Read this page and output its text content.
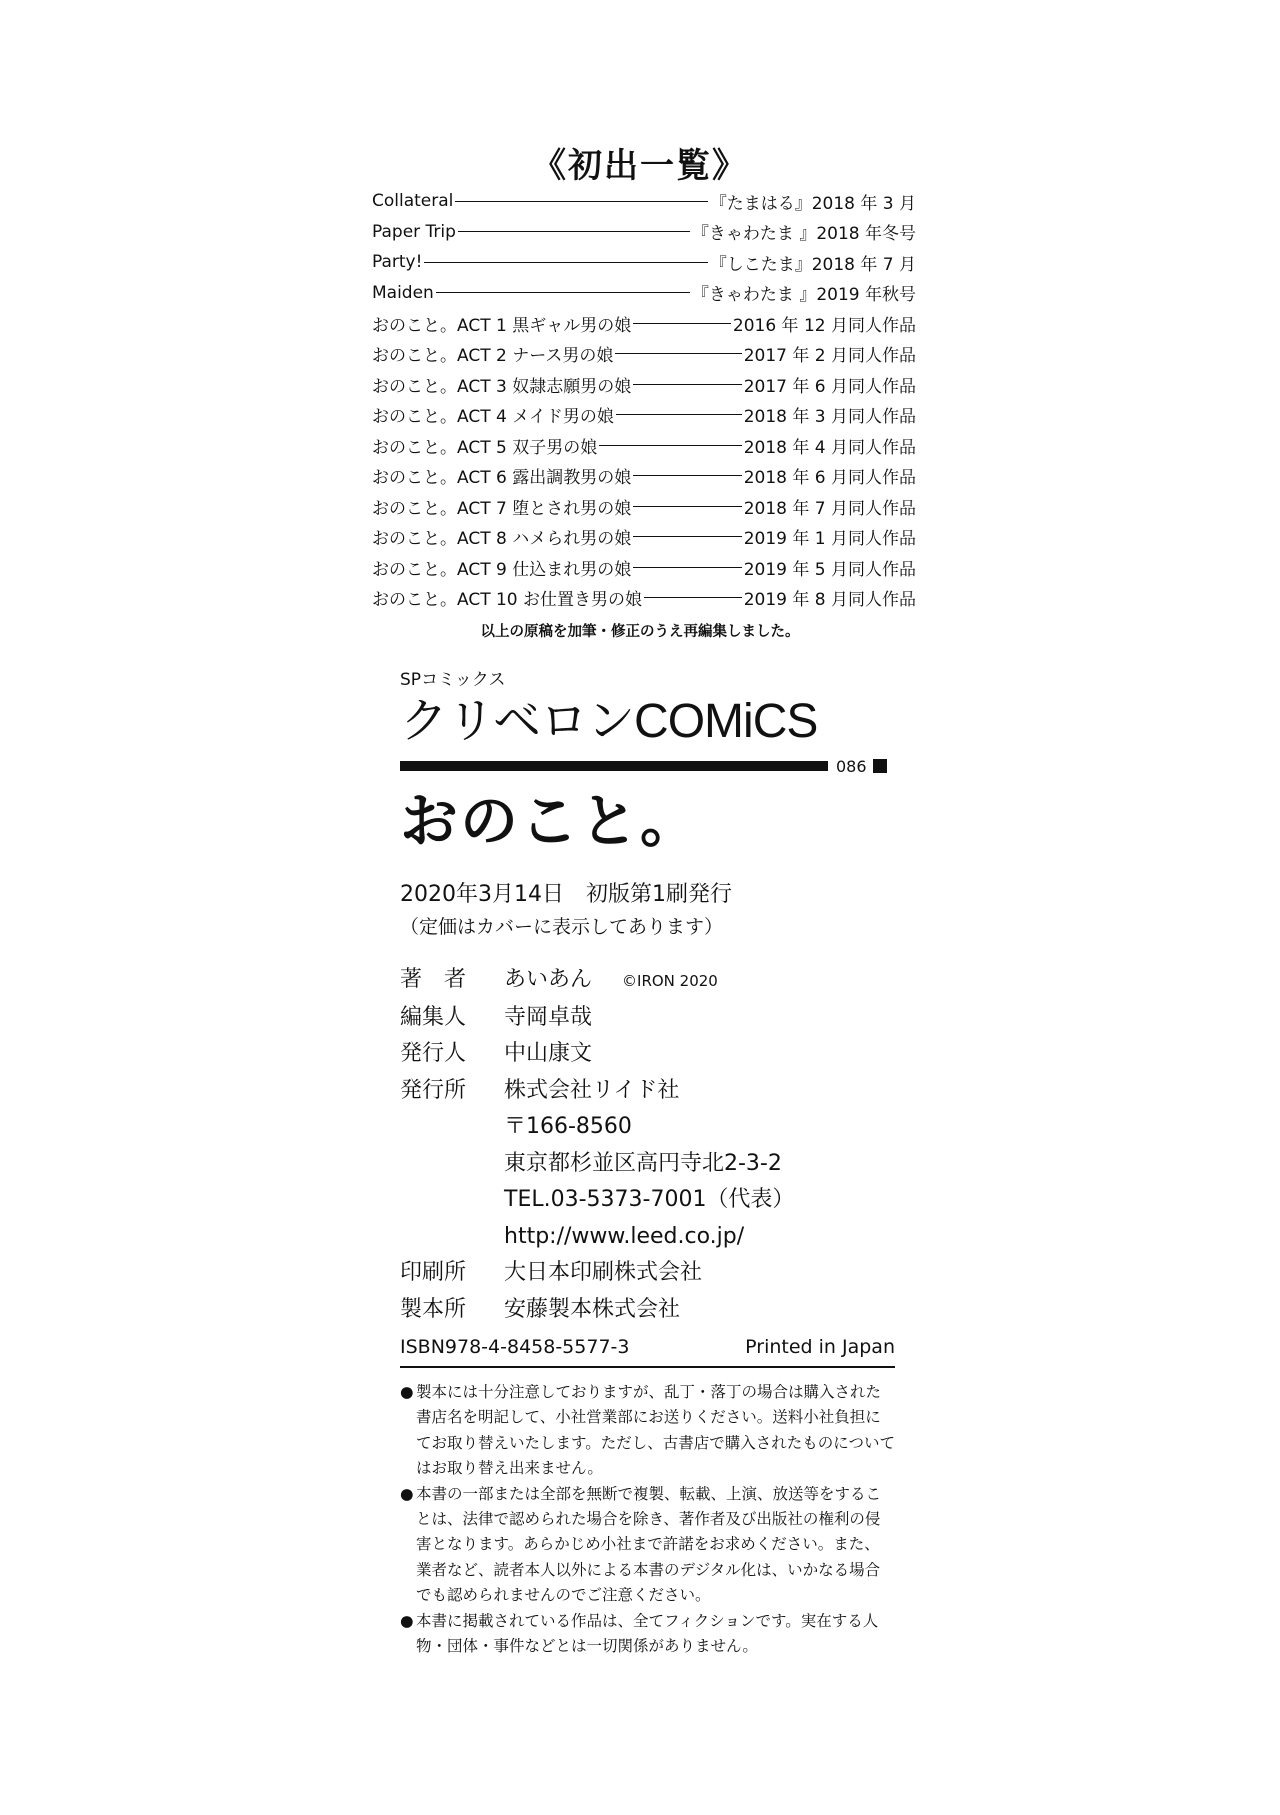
《初出一覧》
Collateral	『たまはる』2018 年 3 月
Paper Trip	『きゃわたま 』2018 年冬号
Party!	『しこたま』2018 年 7 月
Maiden	『きゃわたま 』2019 年秋号
おのこと。ACT 1 黒ギャル男の娘	2016 年 12 月同人作品
おのこと。ACT 2 ナース男の娘	2017 年 2 月同人作品
おのこと。ACT 3 奴隷志願男の娘	2017 年 6 月同人作品
おのこと。ACT 4 メイド男の娘	2018 年 3 月同人作品
おのこと。ACT 5 双子男の娘	2018 年 4 月同人作品
おのこと。ACT 6 露出調教男の娘	2018 年 6 月同人作品
おのこと。ACT 7 堕とされ男の娘	2018 年 7 月同人作品
おのこと。ACT 8 ハメられ男の娘	2019 年 1 月同人作品
おのこと。ACT 9 仕込まれ男の娘	2019 年 5 月同人作品
おのこと。ACT 10 お仕置き男の娘	2019 年 8 月同人作品
以上の原稿を加筆・修正のうえ再編集しました。
SPコミックス
クリベロンCOMiCS
086
おのこと。
2020年3月14日　初版第1刷発行
（定価はカバーに表示してあります）
著　者	あいあん ©IRON 2020
編集人	寺岡卓哉
発行人	中山康文
発行所	株式会社リイド社
〒166-8560
東京都杉並区高円寺北2-3-2
TEL.03-5373-7001（代表）
http://www.leed.co.jp/
印刷所	大日本印刷株式会社
製本所	安藤製本株式会社
ISBN978-4-8458-5577-3	Printed in Japan
● 製本には十分注意しておりますが、乱丁・落丁の場合は購入された書店名を明記して、小社営業部にお送りください。送料小社負担にてお取り替えいたします。ただし、古書店で購入されたものについてはお取り替え出来ません。
● 本書の一部または全部を無断で複製、転載、上演、放送等をすることは、法律で認められた場合を除き、著作者及び出版社の権利の侵害となります。あらかじめ小社まで許諾をお求めください。また、業者など、読者本人以外による本書のデジタル化は、いかなる場合でも認められませんのでご注意ください。
● 本書に掲載されている作品は、全てフィクションです。実在する人物・団体・事件などとは一切関係がありません。
